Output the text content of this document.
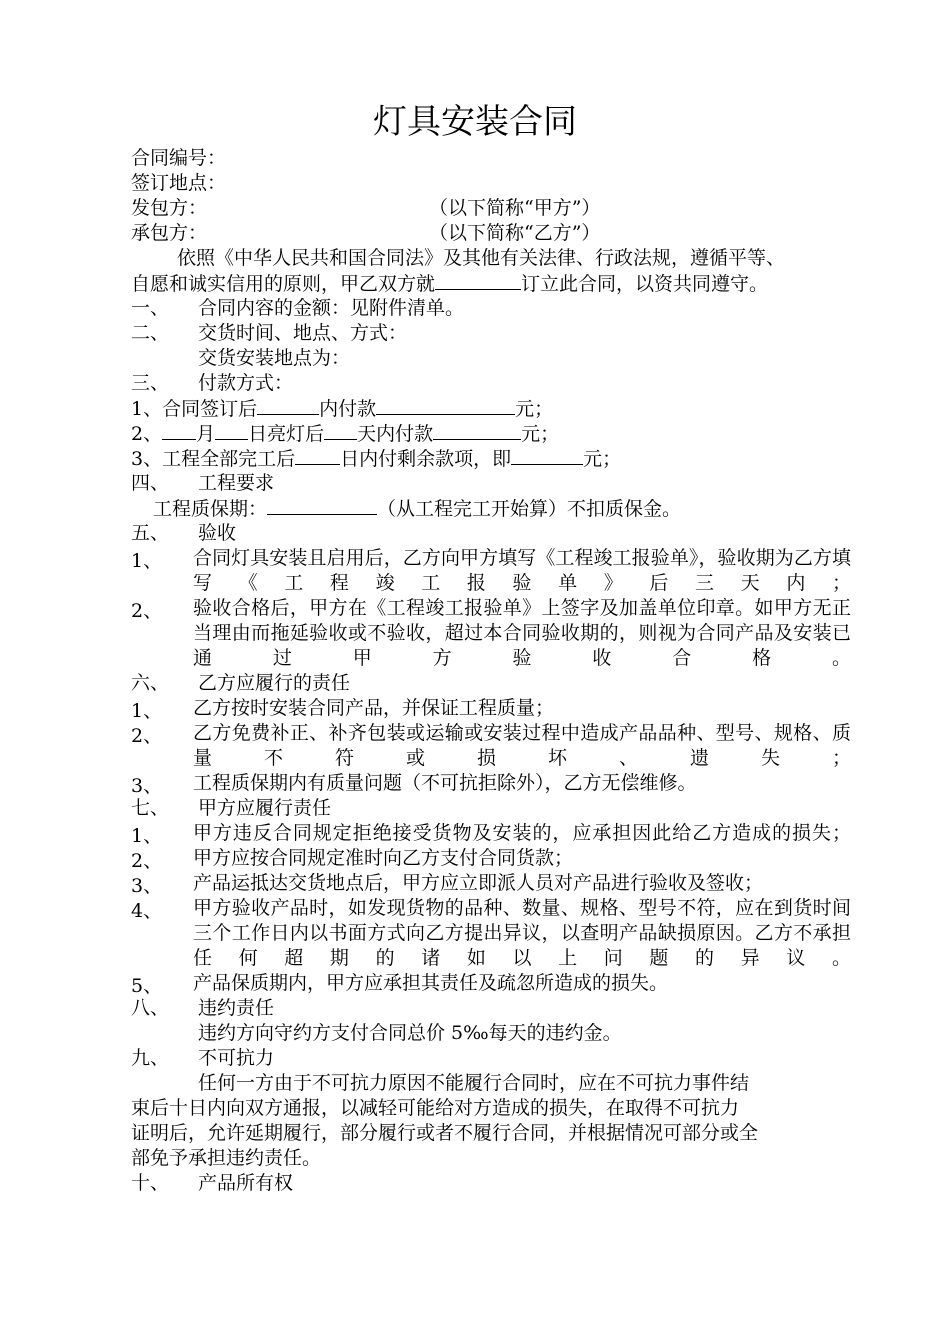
灯具安装合同
合同编号：
签订地点：
发包方：	（以下简称“甲方”）
承包方：	（以下简称“乙方”）
依照《中华人民共和国合同法》及其他有关法律、行政法规，遵循平等、
自愿和诚实信用的原则，甲乙双方就	订立此合同，以资共同遵守。
一、 合同内容的金额：见附件清单。
二、 交货时间、地点、方式：
交货安装地点为：
三、 付款方式：
1、合同签订后	内付款	元；
2、 月 日亮灯后 天内付款	元；
3、工程全部完工后 日内付剩余款项，即	元；
四、 工程要求
工程质保期：	（从工程完工开始算）不扣质保金。
五、 验收
1、 合同灯具安装且启用后，乙方向甲方填写《工程竣工报验单》，验收期为乙方填写《工程竣工报验单》后三天内；
2、 验收合格后，甲方在《工程竣工报验单》上签字及加盖单位印章。如甲方无正当理由而拖延验收或不验收，超过本合同验收期的，则视为合同产品及安装已通过甲方验收合格。
六、 乙方应履行的责任
1、 乙方按时安装合同产品，并保证工程质量；
2、 乙方免费补正、补齐包装或运输或安装过程中造成产品品种、型号、规格、质量不符或损坏、遗失；
3、 工程质保期内有质量问题（不可抗拒除外），乙方无偿维修。
七、 甲方应履行责任
1、 甲方违反合同规定拒绝接受货物及安装的，应承担因此给乙方造成的损失；
2、 甲方应按合同规定准时向乙方支付合同货款；
3、 产品运抵达交货地点后，甲方应立即派人员对产品进行验收及签收；
4、 甲方验收产品时，如发现货物的品种、数量、规格、型号不符，应在到货时间三个工作日内以书面方式向乙方提出异议，以查明产品缺损原因。乙方不承担任何超期的诸如以上问题的异议。
5、 产品保质期内，甲方应承担其责任及疏忽所造成的损失。
八、 违约责任
违约方向守约方支付合同总价 5‰每天的违约金。
九、 不可抗力
任何一方由于不可抗力原因不能履行合同时，应在不可抗力事件结
束后十日内向双方通报，以减轻可能给对方造成的损失，在取得不可抗力
证明后，允许延期履行，部分履行或者不履行合同，并根据情况可部分或全
部免予承担违约责任。
十、 产品所有权
